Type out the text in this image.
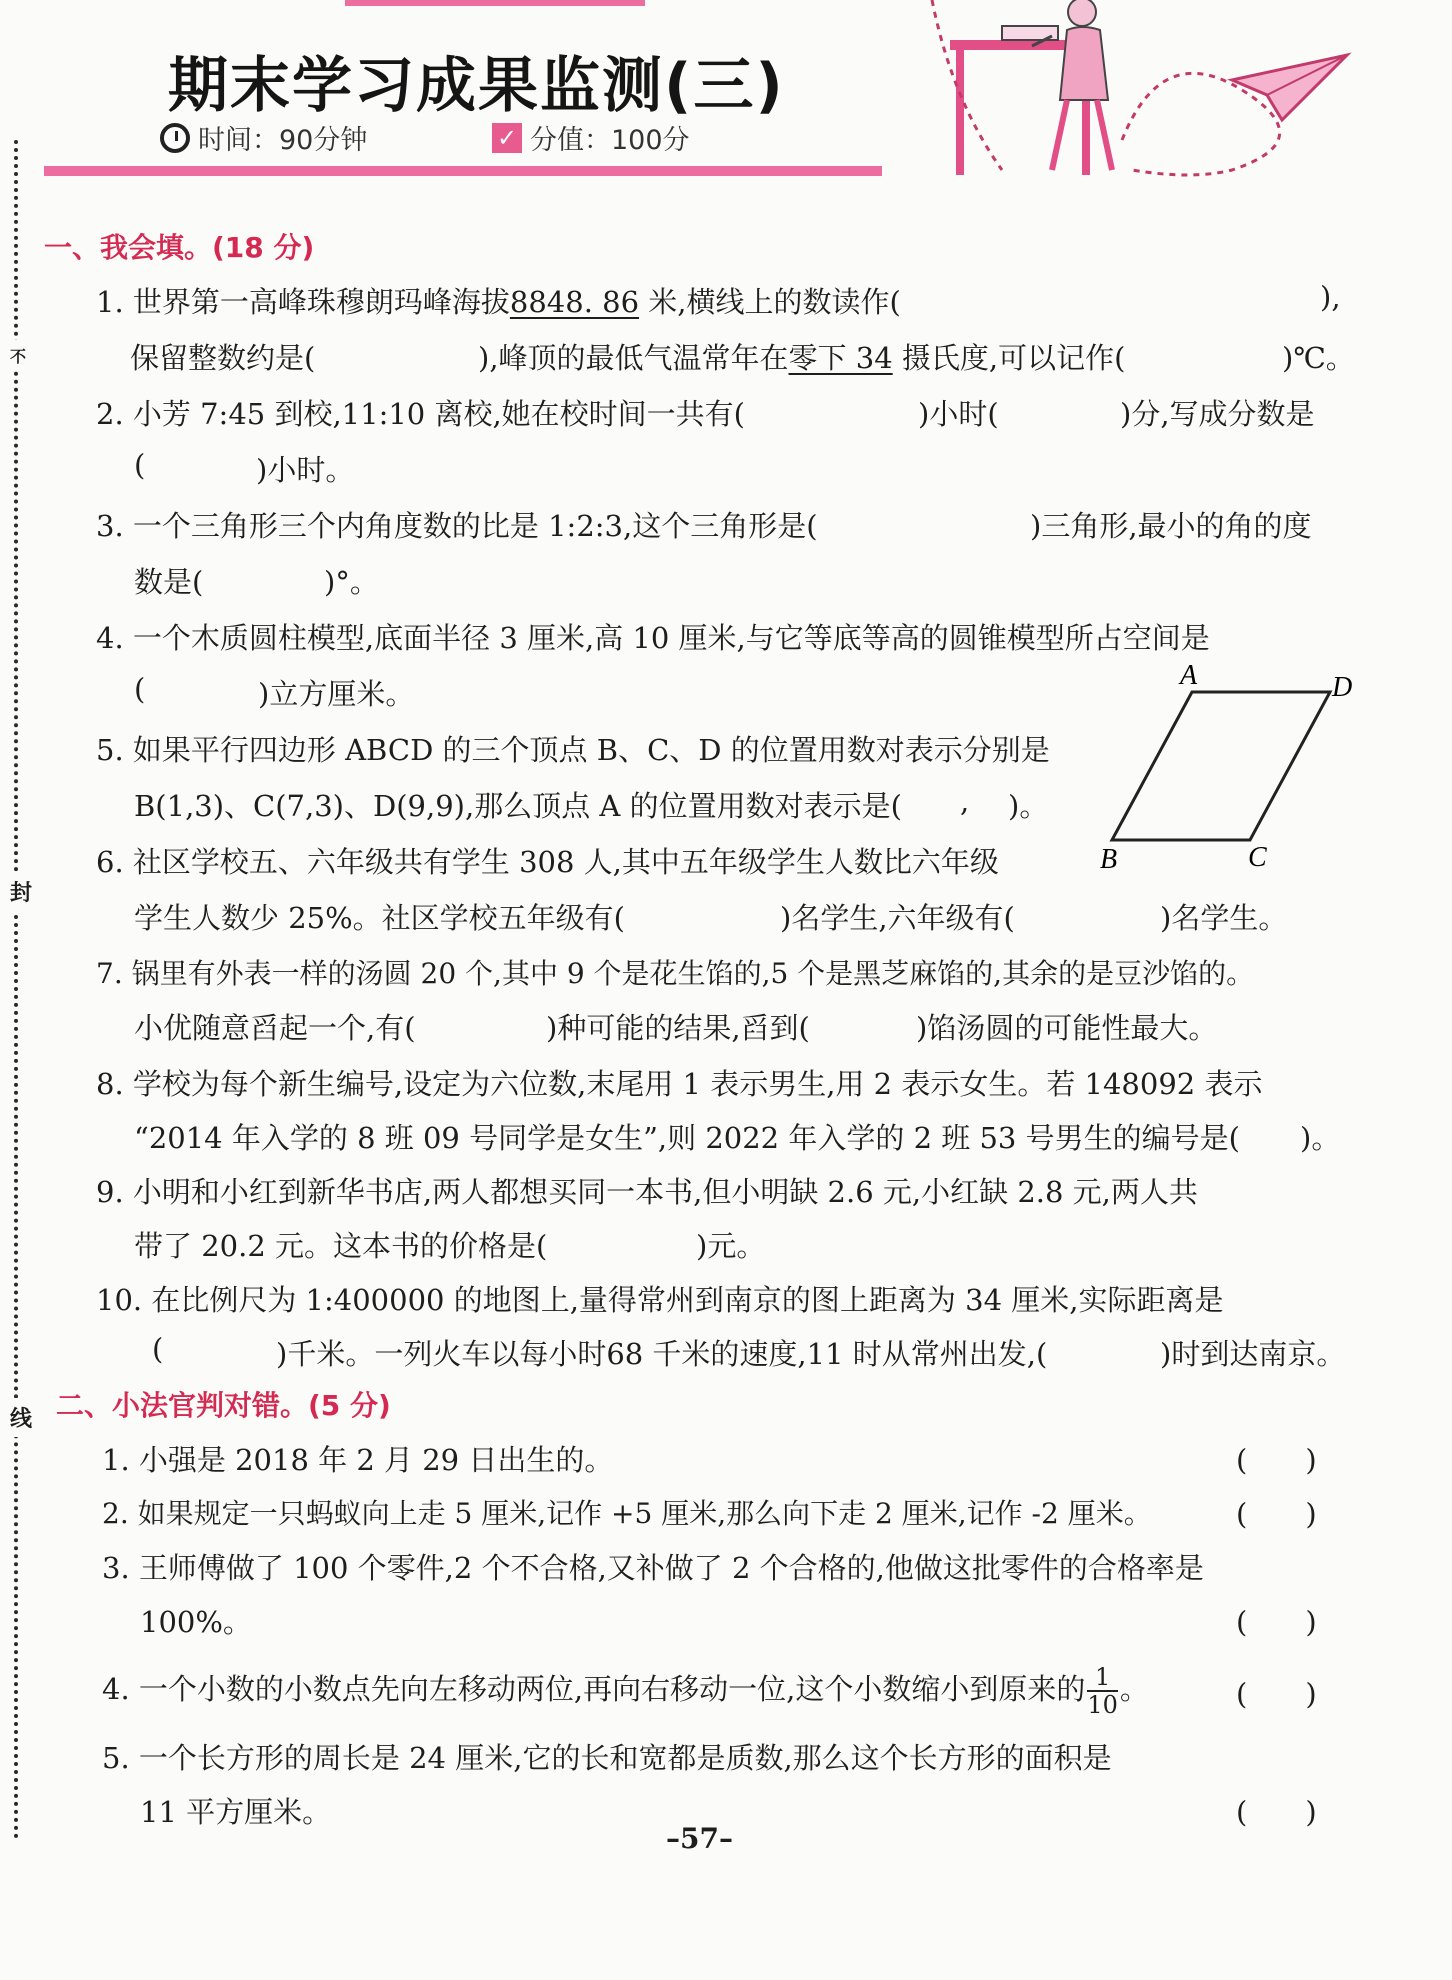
不
封
线
期末学习成果监测(三)
时间：90分钟	✓ 分值：100分
一、我会填。(18 分)
1. 世界第一高峰珠穆朗玛峰海拔8848. 86 米,横线上的数读作(	),
保留整数约是(	),峰顶的最低气温常年在零下 34 摄氏度,可以记作(	)℃。
2. 小芳 7:45 到校,11:10 离校,她在校时间一共有(	)小时(	)分,写成分数是
(	)小时。
3. 一个三角形三个内角度数的比是 1:2:3,这个三角形是(	)三角形,最小的角的度
数是(	)°。
4. 一个木质圆柱模型,底面半径 3 厘米,高 10 厘米,与它等底等高的圆锥模型所占空间是
(	)立方厘米。
5. 如果平行四边形 ABCD 的三个顶点 B、C、D 的位置用数对表示分别是
B(1,3)、C(7,3)、D(9,9),那么顶点 A 的位置用数对表示是( , )。
A	D
B	C
6. 社区学校五、六年级共有学生 308 人,其中五年级学生人数比六年级
学生人数少 25%。社区学校五年级有(	)名学生,六年级有(	)名学生。
7. 锅里有外表一样的汤圆 20 个,其中 9 个是花生馅的,5 个是黑芝麻馅的,其余的是豆沙馅的。
小优随意舀起一个,有(	)种可能的结果,舀到(	)馅汤圆的可能性最大。
8. 学校为每个新生编号,设定为六位数,末尾用 1 表示男生,用 2 表示女生。若 148092 表示
“2014 年入学的 8 班 09 号同学是女生”,则 2022 年入学的 2 班 53 号男生的编号是( )。
9. 小明和小红到新华书店,两人都想买同一本书,但小明缺 2.6 元,小红缺 2.8 元,两人共
带了 20.2 元。这本书的价格是(	)元。
10. 在比例尺为 1:400000 的地图上,量得常州到南京的图上距离为 34 厘米,实际距离是
(	)千米。一列火车以每小时68 千米的速度,11 时从常州出发,(	)时到达南京。
二、小法官判对错。(5 分)
1. 小强是 2018 年 2 月 29 日出生的。	(　　)
2. 如果规定一只蚂蚁向上走 5 厘米,记作 +5 厘米,那么向下走 2 厘米,记作 -2 厘米。	(　　)
3. 王师傅做了 100 个零件,2 个不合格,又补做了 2 个合格的,他做这批零件的合格率是
100%。	(　　)
4. 一个小数的小数点先向左移动两位,再向右移动一位,这个小数缩小到原来的 $\frac{1}{10}$ 。	(　　)
5. 一个长方形的周长是 24 厘米,它的长和宽都是质数,那么这个长方形的面积是
11 平方厘米。	(　　)
–57–
